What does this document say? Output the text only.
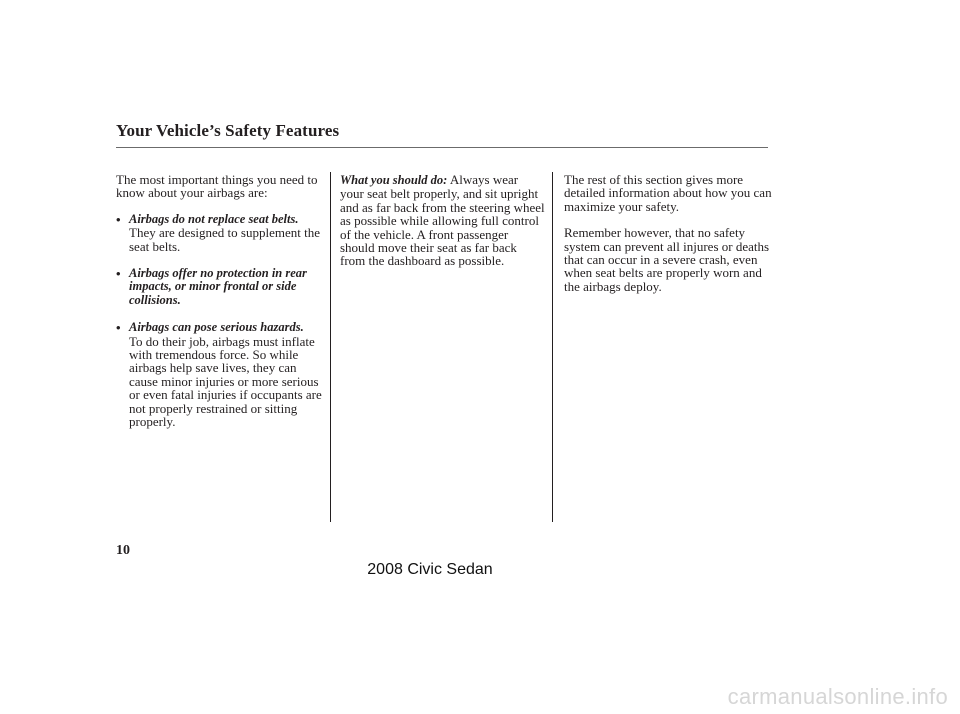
Your Vehicle’s Safety Features

The most important things you need to know about your airbags are:

• Airbags do not replace seat belts.
They are designed to supplement the seat belts.
• Airbags offer no protection in rear impacts, or minor frontal or side collisions.
• Airbags can pose serious hazards.
To do their job, airbags must inflate with tremendous force. So while airbags help save lives, they can cause minor injuries or more serious or even fatal injuries if occupants are not properly restrained or sitting properly.

What you should do: Always wear your seat belt properly, and sit upright and as far back from the steering wheel as possible while allowing full control of the vehicle. A front passenger should move their seat as far back from the dashboard as possible.

The rest of this section gives more detailed information about how you can maximize your safety.

Remember however, that no safety system can prevent all injures or deaths that can occur in a severe crash, even when seat belts are properly worn and the airbags deploy.

10
2008 Civic Sedan
carmanualsonline.info
